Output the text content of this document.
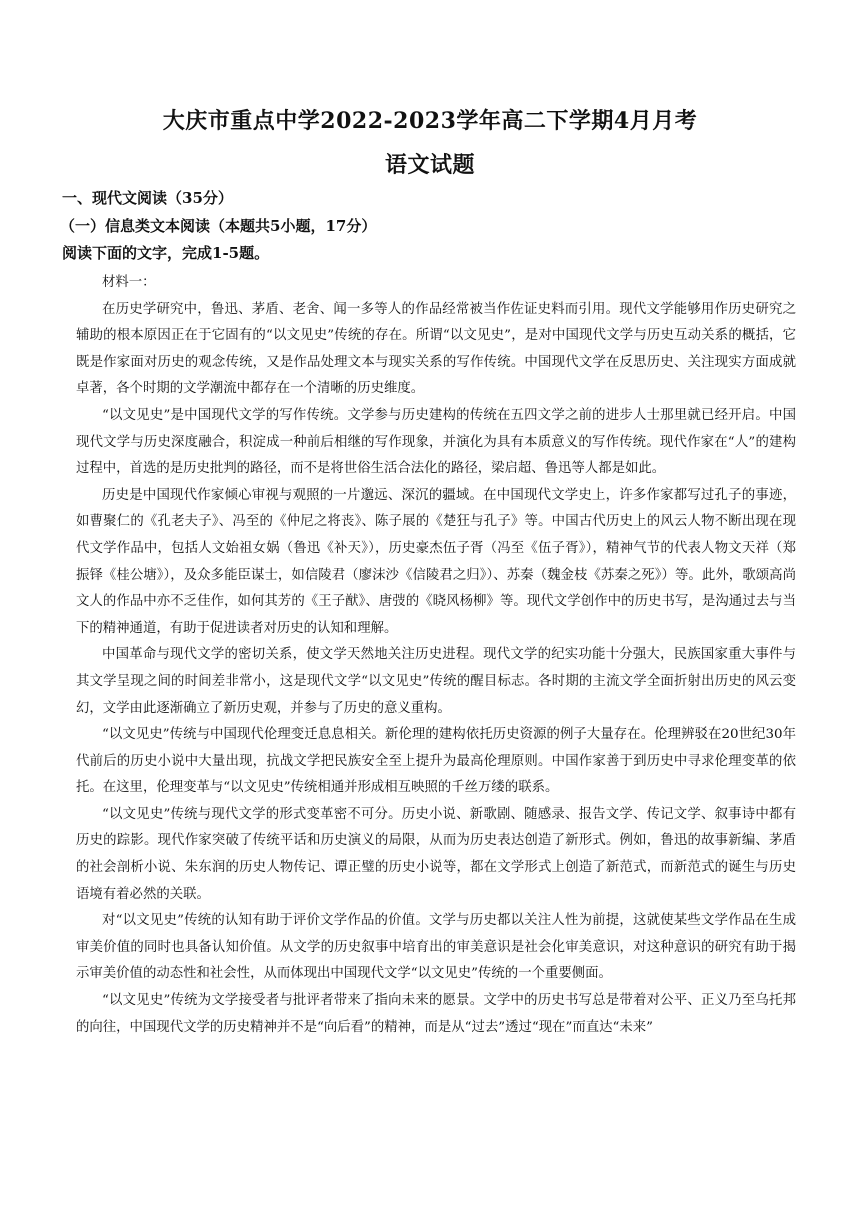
大庆市重点中学2022-2023学年高二下学期4月月考
语文试题
一、现代文阅读（35分）
（一）信息类文本阅读（本题共5小题，17分）
阅读下面的文字，完成1-5题。

材料一：

在历史学研究中，鲁迅、茅盾、老舍、闻一多等人的作品经常被当作佐证史料而引用。现代文学能够用作历史研究之辅助的根本原因正在于它固有的“以文见史”传统的存在。所谓“以文见史”，是对中国现代文学与历史互动关系的概括，它既是作家面对历史的观念传统，又是作品处理文本与现实关系的写作传统。中国现代文学在反思历史、关注现实方面成就卓著，各个时期的文学潮流中都存在一个清晰的历史维度。

“以文见史”是中国现代文学的写作传统。文学参与历史建构的传统在五四文学之前的进步人士那里就已经开启。中国现代文学与历史深度融合，积淀成一种前后相继的写作现象，并演化为具有本质意义的写作传统。现代作家在“人”的建构过程中，首选的是历史批判的路径，而不是将世俗生活合法化的路径，梁启超、鲁迅等人都是如此。

历史是中国现代作家倾心审视与观照的一片邈远、深沉的疆域。在中国现代文学史上，许多作家都写过孔子的事迹，如曹聚仁的《孔老夫子》、冯至的《仲尼之将丧》、陈子展的《楚狂与孔子》等。中国古代历史上的风云人物不断出现在现代文学作品中，包括人文始祖女娲（鲁迅《补天》），历史豪杰伍子胥（冯至《伍子胥》），精神气节的代表人物文天祥（郑振铎《桂公塘》），及众多能臣谋士，如信陵君（廖沫沙《信陵君之归》）、苏秦（魏金枝《苏秦之死》）等。此外，歌颂高尚文人的作品中亦不乏佳作，如何其芳的《王子猷》、唐弢的《晓风杨柳》等。现代文学创作中的历史书写，是沟通过去与当下的精神通道，有助于促进读者对历史的认知和理解。

中国革命与现代文学的密切关系，使文学天然地关注历史进程。现代文学的纪实功能十分强大，民族国家重大事件与其文学呈现之间的时间差非常小，这是现代文学“以文见史”传统的醒目标志。各时期的主流文学全面折射出历史的风云变幻，文学由此逐渐确立了新历史观，并参与了历史的意义重构。

“以文见史”传统与中国现代伦理变迁息息相关。新伦理的建构依托历史资源的例子大量存在。伦理辨驳在20世纪30年代前后的历史小说中大量出现，抗战文学把民族安全至上提升为最高伦理原则。中国作家善于到历史中寻求伦理变革的依托。在这里，伦理变革与“以文见史”传统相通并形成相互映照的千丝万缕的联系。

“以文见史”传统与现代文学的形式变革密不可分。历史小说、新歌剧、随感录、报告文学、传记文学、叙事诗中都有历史的踪影。现代作家突破了传统平话和历史演义的局限，从而为历史表达创造了新形式。例如，鲁迅的故事新编、茅盾的社会剖析小说、朱东润的历史人物传记、谭正璧的历史小说等，都在文学形式上创造了新范式，而新范式的诞生与历史语境有着必然的关联。

对“以文见史”传统的认知有助于评价文学作品的价值。文学与历史都以关注人性为前提，这就使某些文学作品在生成审美价值的同时也具备认知价值。从文学的历史叙事中培育出的审美意识是社会化审美意识，对这种意识的研究有助于揭示审美价值的动态性和社会性，从而体现出中国现代文学“以文见史”传统的一个重要侧面。

“以文见史”传统为文学接受者与批评者带来了指向未来的愿景。文学中的历史书写总是带着对公平、正义乃至乌托邦的向往，中国现代文学的历史精神并不是“向后看”的精神，而是从“过去”透过“现在”而直达“未来”
